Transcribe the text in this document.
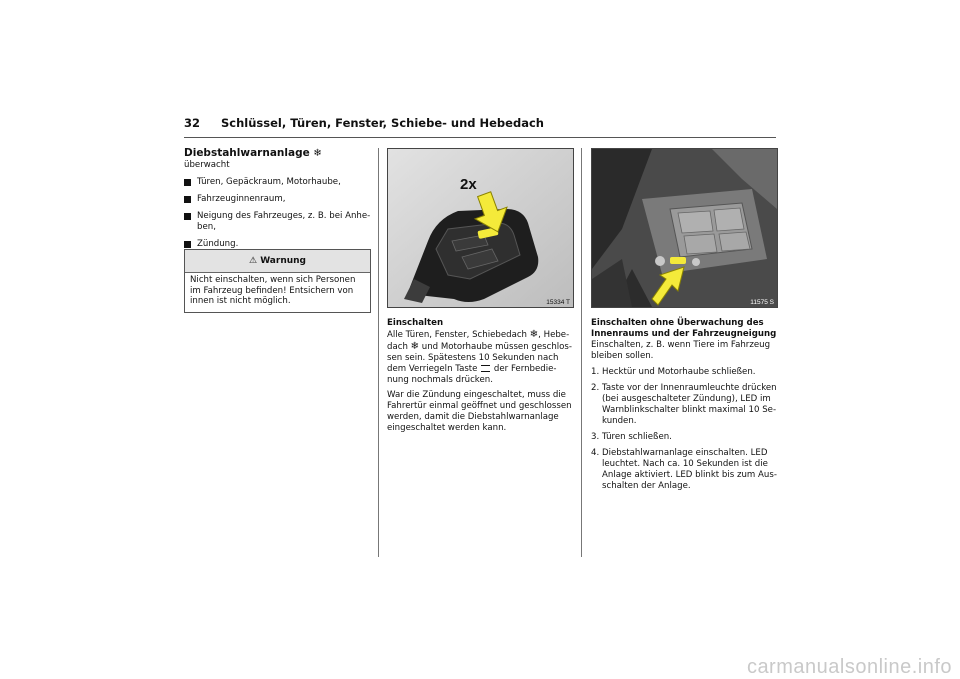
32 Schlüssel, Türen, Fenster, Schiebe- und Hebedach

Diebstahlwarnanlage ❄

überwacht

Türen, Gepäckraum, Motorhaube,
Fahrzeuginnenraum,
Neigung des Fahrzeuges, z. B. bei Anhe-ben,
Zündung.
⚠ Warnung
Nicht einschalten, wenn sich Personen im Fahrzeug befinden! Entsichern von innen ist nicht möglich.
2x
15334 T

Einschalten

Alle Türen, Fenster, Schiebedach ❄, Hebe-dach ❄ und Motorhaube müssen geschlos-sen sein. Spätestens 10 Sekunden nach dem Verriegeln Taste  der Fernbedie-nung nochmals drücken.

War die Zündung eingeschaltet, muss die Fahrertür einmal geöffnet und geschlossen werden, damit die Diebstahlwarnanlage eingeschaltet werden kann.

11575 S

Einschalten ohne Überwachung des Innenraums und der Fahrzeugneigung

Einschalten, z. B. wenn Tiere im Fahrzeug bleiben sollen.

1. Hecktür und Motorhaube schließen.
2. Taste vor der Innenraumleuchte drücken (bei ausgeschalteter Zündung), LED im Warnblinkschalter blinkt maximal 10 Se-kunden.
3. Türen schließen.
4. Diebstahlwarnanlage einschalten. LED leuchtet. Nach ca. 10 Sekunden ist die Anlage aktiviert. LED blinkt bis zum Aus-schalten der Anlage.
carmanualsonline.info
